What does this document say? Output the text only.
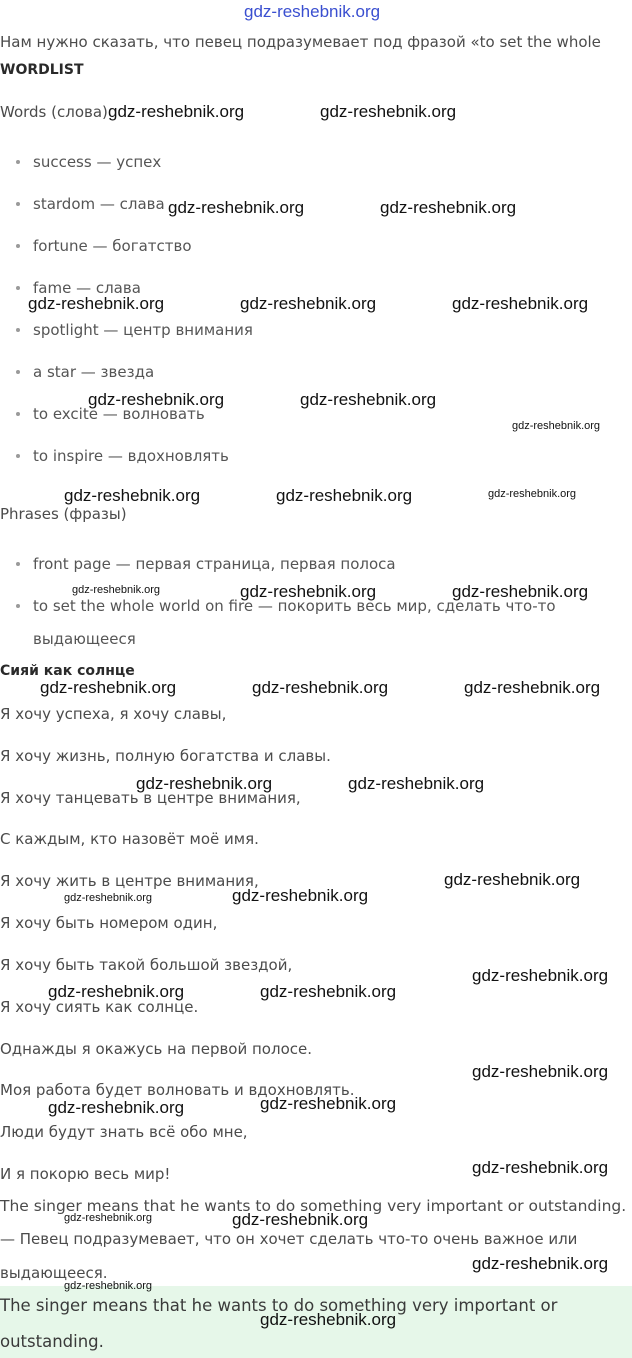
gdz-reshebnik.org
Нам нужно сказать, что певец подразумевает под фразой «to set the whole
WORDLIST
Words (слова)
success — успех
stardom — слава
fortune — богатство
fame — слава
spotlight — центр внимания
a star — звезда
to excite — волновать
to inspire — вдохновлять
Phrases (фразы)
front page — первая страница, первая полоса
to set the whole world on fire — покорить весь мир, сделать что-то
выдающееся
Сияй как солнце
Я хочу успеха, я хочу славы,
Я хочу жизнь, полную богатства и славы.
Я хочу танцевать в центре внимания,
С каждым, кто назовёт моё имя.
Я хочу жить в центре внимания,
Я хочу быть номером один,
Я хочу быть такой большой звездой,
Я хочу сиять как солнце.
Однажды я окажусь на первой полосе.
Моя работа будет волновать и вдохновлять.
Люди будут знать всё обо мне,
И я покорю весь мир!
The singer means that he wants to do something very important or outstanding.
— Певец подразумевает, что он хочет сделать что-то очень важное или
выдающееся.
The singer means that he wants to do something very important or
outstanding.
gdz-reshebnik.org	gdz-reshebnik.org
gdz-reshebnik.org	gdz-reshebnik.org
gdz-reshebnik.org	gdz-reshebnik.org	gdz-reshebnik.org
gdz-reshebnik.org	gdz-reshebnik.org
gdz-reshebnik.org
gdz-reshebnik.org	gdz-reshebnik.org	gdz-reshebnik.org
gdz-reshebnik.org	gdz-reshebnik.org	gdz-reshebnik.org
gdz-reshebnik.org	gdz-reshebnik.org	gdz-reshebnik.org
gdz-reshebnik.org	gdz-reshebnik.org
gdz-reshebnik.org
gdz-reshebnik.org	gdz-reshebnik.org
gdz-reshebnik.org
gdz-reshebnik.org	gdz-reshebnik.org
gdz-reshebnik.org
gdz-reshebnik.org	gdz-reshebnik.org
gdz-reshebnik.org
gdz-reshebnik.org	gdz-reshebnik.org
gdz-reshebnik.org
gdz-reshebnik.org
gdz-reshebnik.org
